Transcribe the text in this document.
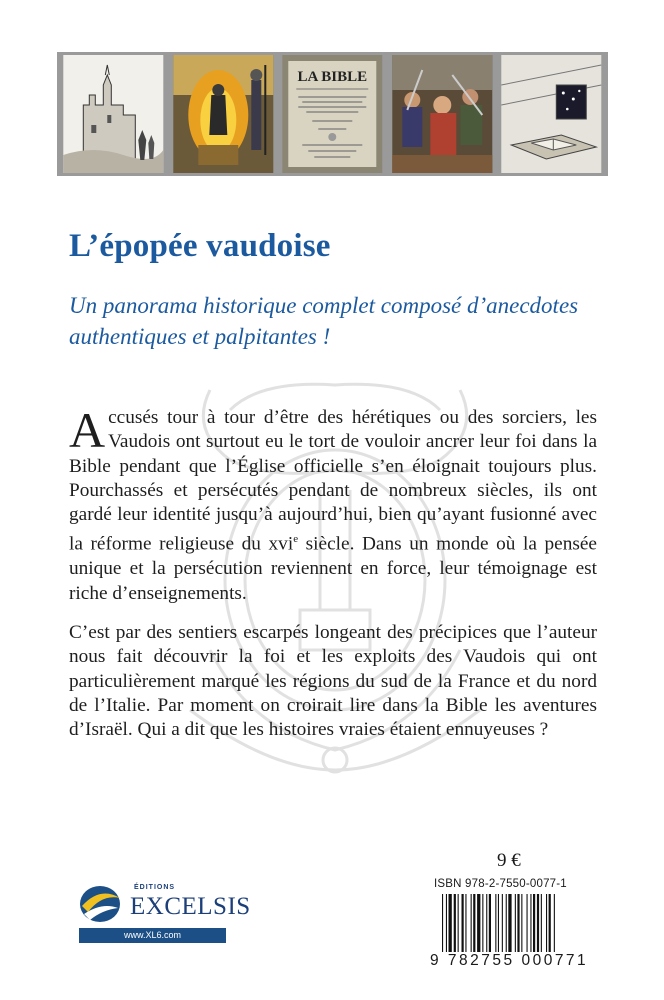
LA BIBLE
L’épopée vaudoise
Un panorama historique complet composé d’anecdotes authentiques et palpitantes !
Accusés tour à tour d’être des hérétiques ou des sorciers, les Vaudois ont surtout eu le tort de vouloir ancrer leur foi dans la Bible pendant que l’Église officielle s’en éloignait toujours plus. Pourchassés et persécutés pendant de nombreux siècles, ils ont gardé leur identité jusqu’à aujourd’hui, bien qu’ayant fusionné avec la réforme religieuse du xvi$^e$ siècle. Dans un monde où la pensée unique et la persécution reviennent en force, leur témoignage est riche d’enseignements.
C’est par des sentiers escarpés longeant des précipices que l’auteur nous fait découvrir la foi et les exploits des Vaudois qui ont particulièrement marqué les régions du sud de la France et du nord de l’Italie. Par moment on croirait lire dans la Bible les aventures d’Israël. Qui a dit que les histoires vraies étaient ennuyeuses ?
9 €
ÉDITIONS
EXCELSIS
www.XL6.com
ISBN 978-2-7550-0077-1
9 782755 000771
